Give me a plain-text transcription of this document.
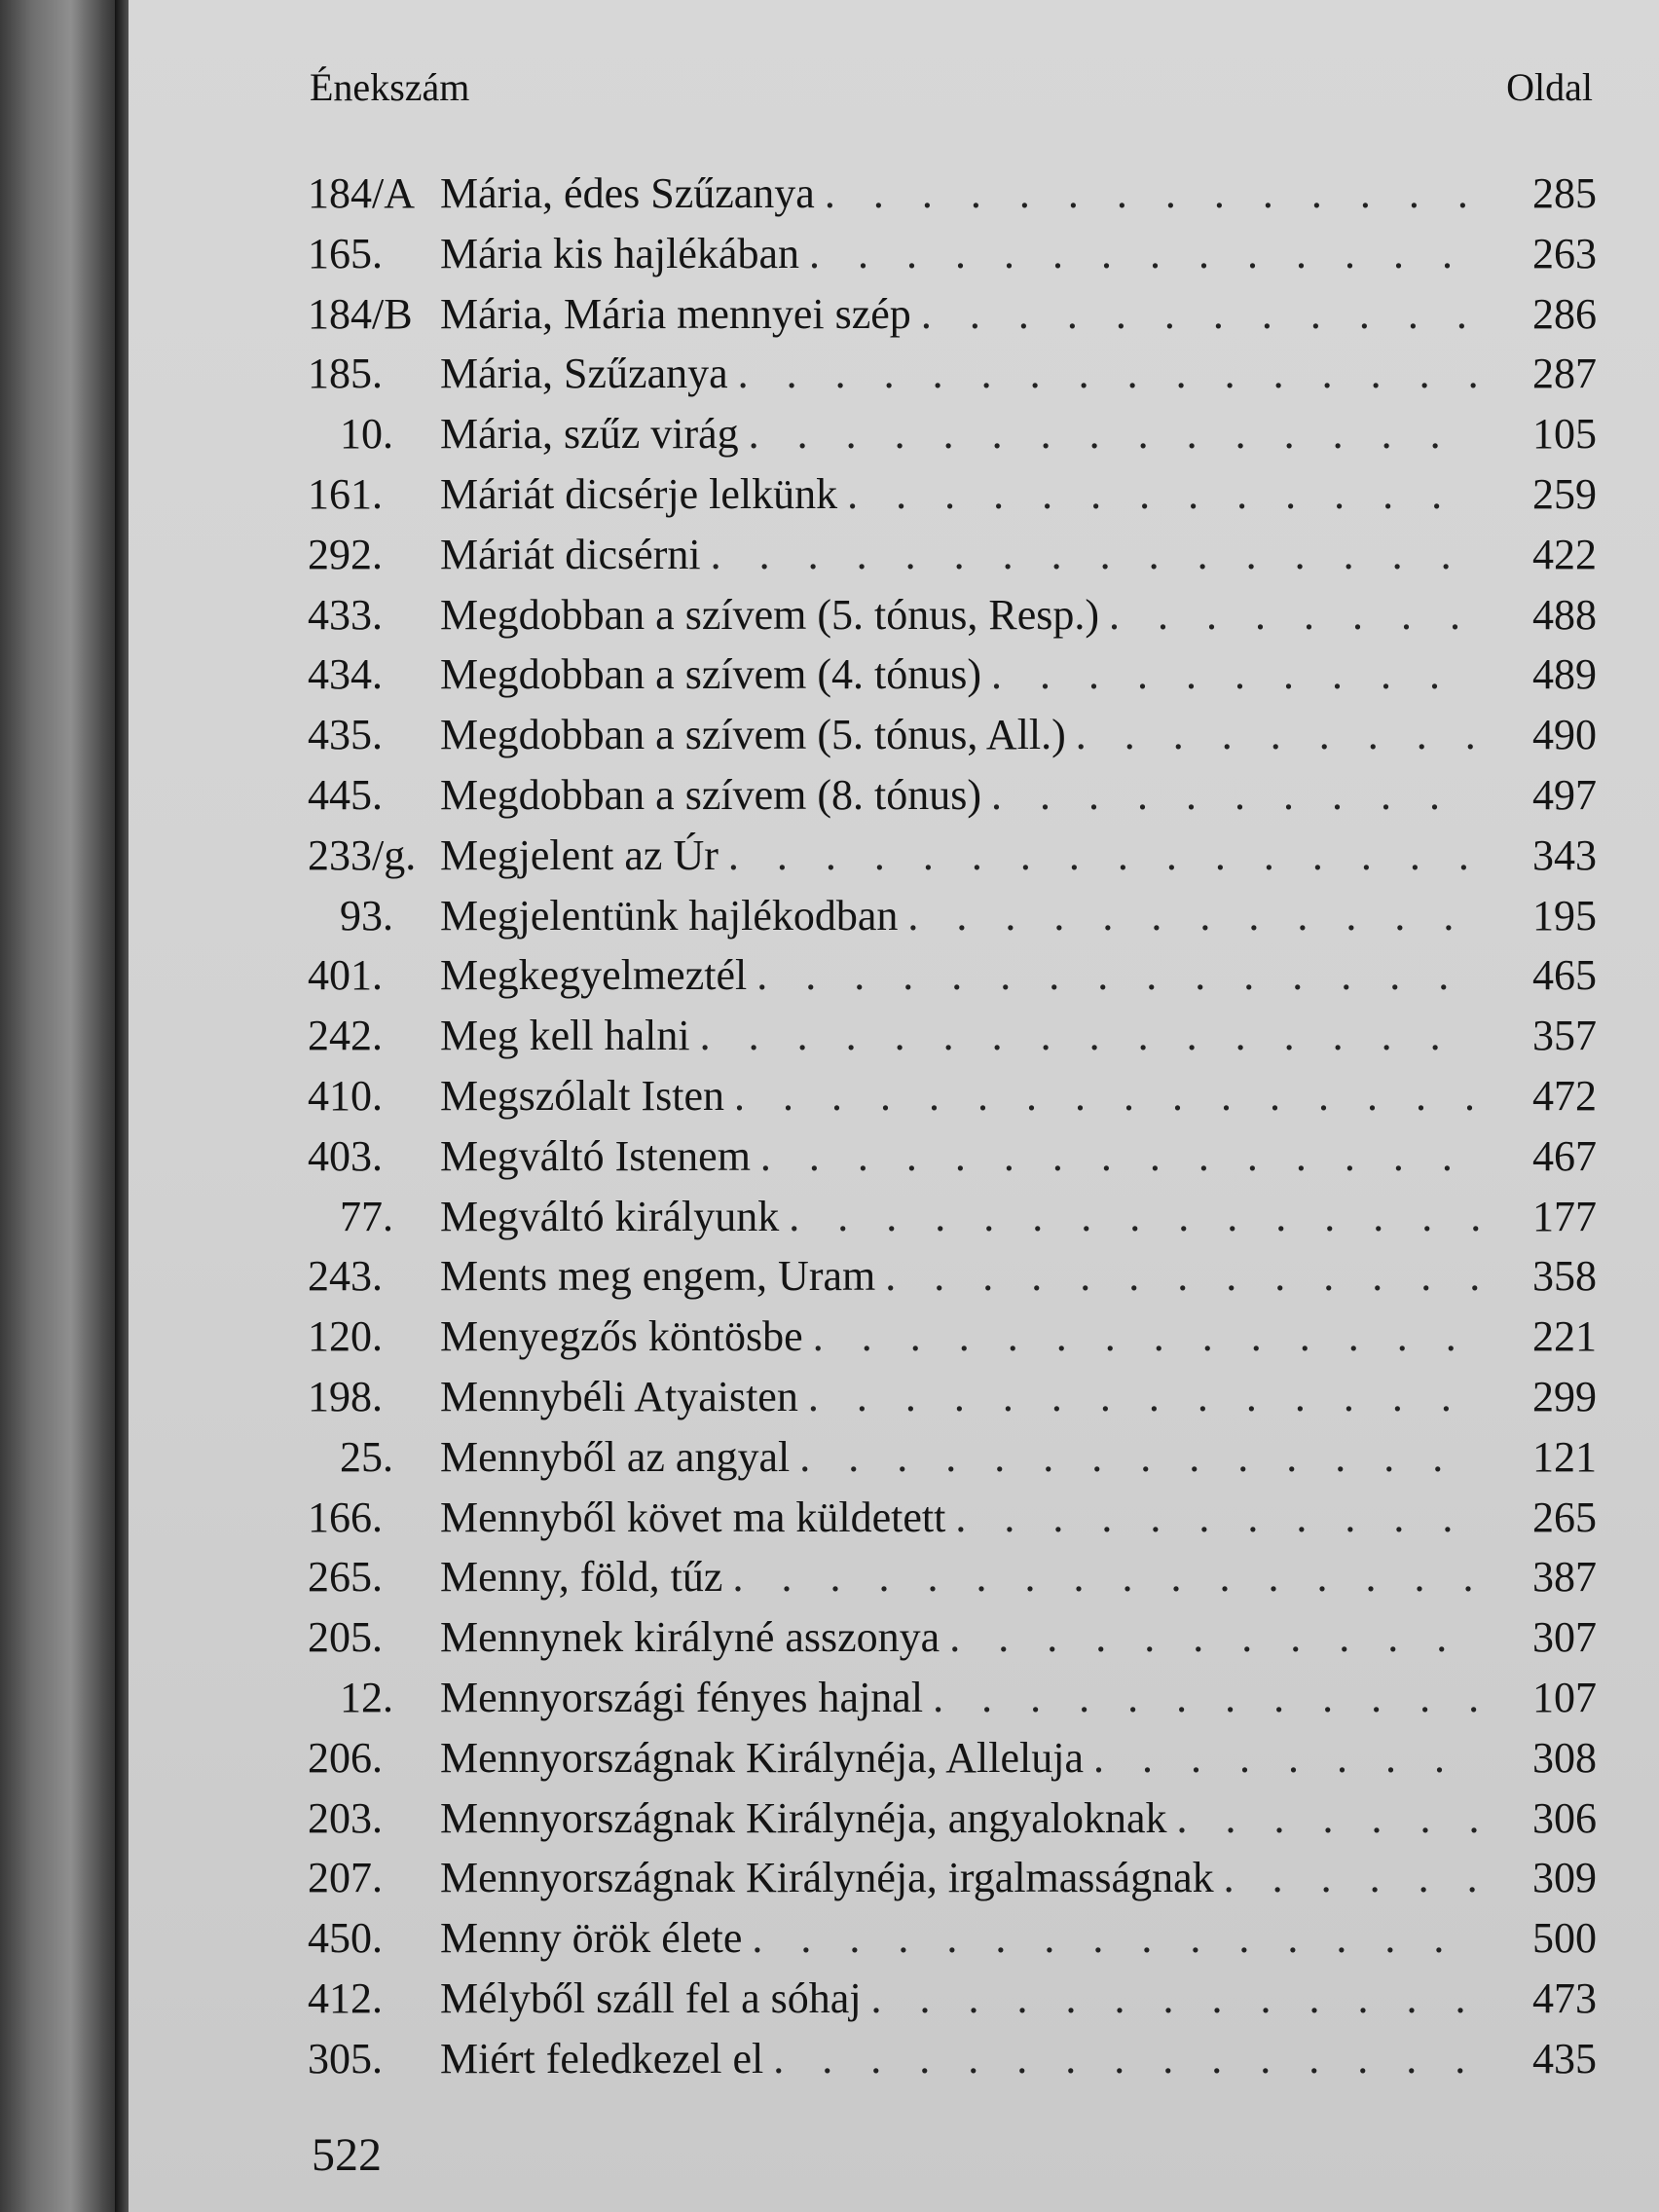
Énekszám	Oldal
184/A Mária, édes Szűzanya . . .	285
165.	Mária kis hajlékában . . .	263
184/B Mária, Mária mennyei szép . . .	286
185.	Mária, Szűzanya . . .	287
10. Mária, szűz virág . . .	105
161.	Máriát dicsérje lelkünk . . .	259
292.	Máriát dicsérni . . .	422
433.	Megdobban a szívem (5. tónus, Resp.) . . .	488
434.	Megdobban a szívem (4. tónus) . . .	489
435.	Megdobban a szívem (5. tónus, All.) . . .	490
445.	Megdobban a szívem (8. tónus) . . .	497
233/g. Megjelent az Úr . . .	343
93. Megjelentünk hajlékodban . . .	195
401.	Megkegyelmeztél . . .	465
242.	Meg kell halni . . .	357
410.	Megszólalt Isten . . .	472
403.	Megváltó Istenem . . .	467
77. Megváltó királyunk . . .	177
243.	Ments meg engem, Uram . . .	358
120.	Menyegzős köntösbe . . .	221
198.	Mennybéli Atyaisten . . .	299
25. Mennyből az angyal . . .	121
166.	Mennyből követ ma küldetett . . .	265
265.	Menny, föld, tűz . . .	387
205.	Mennynek királyné asszonya . . .	307
12. Mennyországi fényes hajnal . . .	107
206.	Mennyországnak Királynéja, Alleluja . . .	308
203.	Mennyországnak Királynéja, angyaloknak . . .	306
207.	Mennyországnak Királynéja, irgalmasságnak . . .	309
450.	Menny örök élete . . .	500
412.	Mélyből száll fel a sóhaj . . .	473
305.	Miért feledkezel el . . .	435
522
